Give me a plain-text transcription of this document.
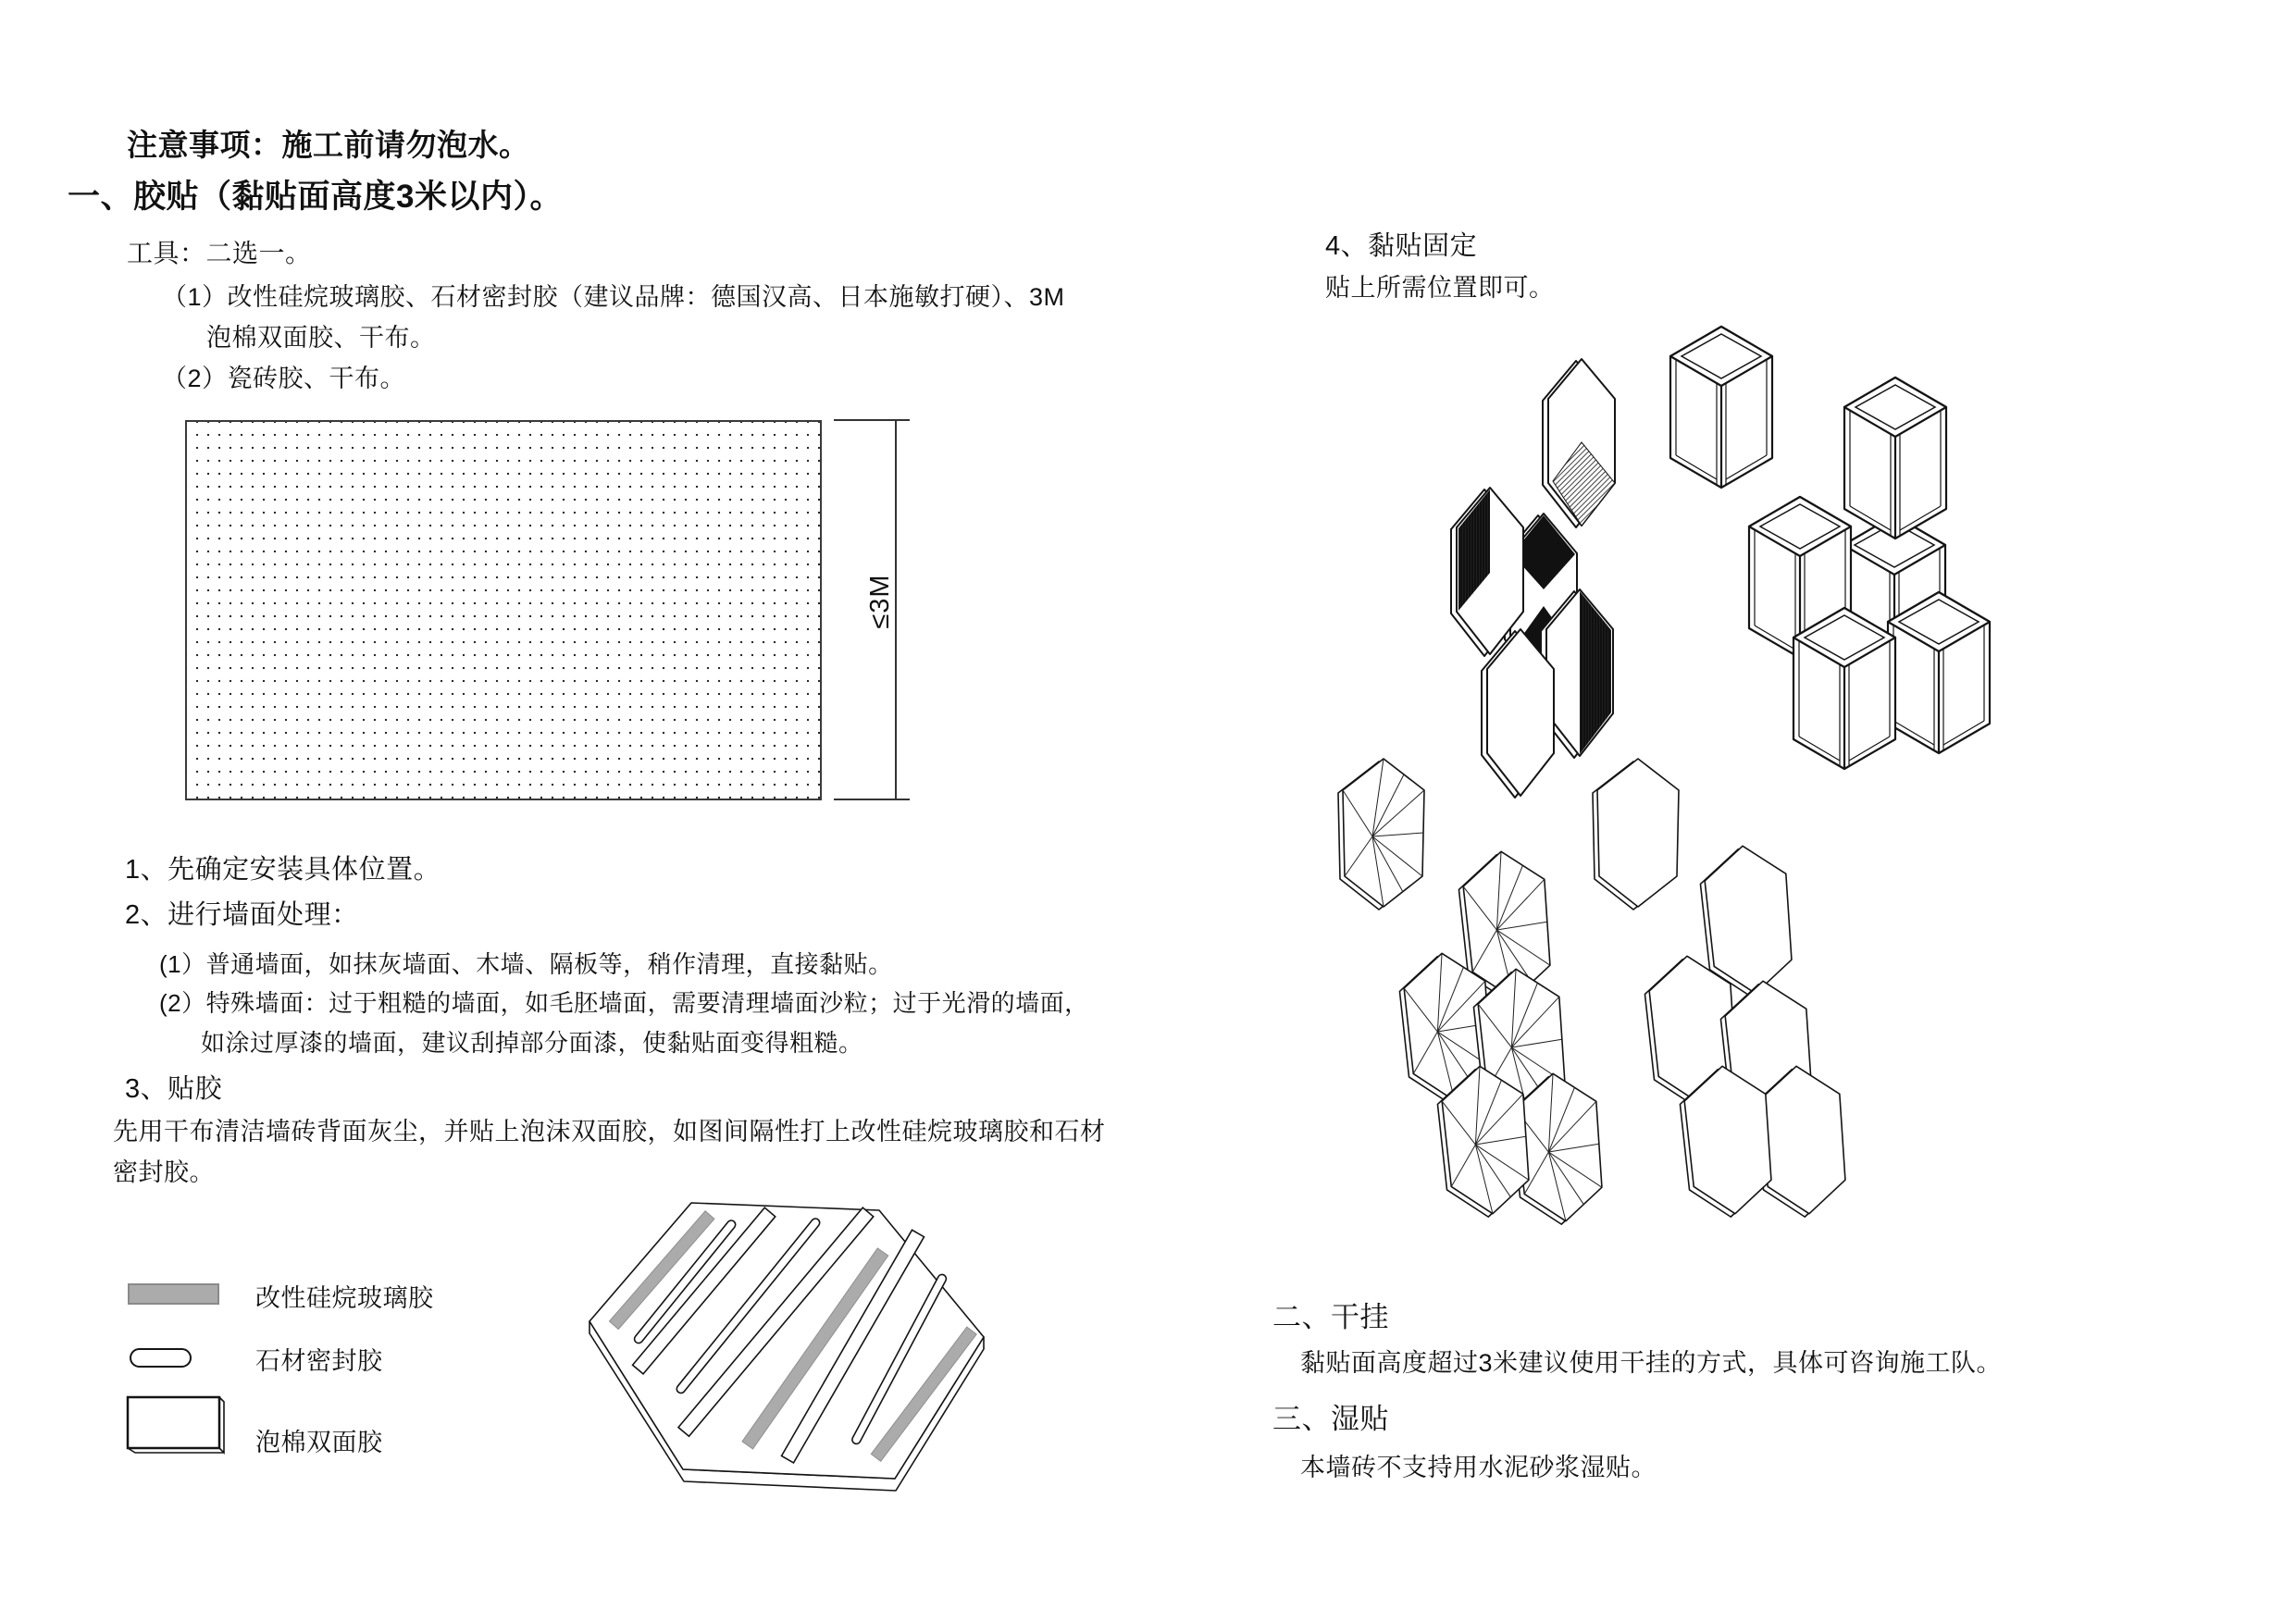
注意事项：施工前请勿泡水。
一、胶贴（黏贴面高度3米以内）。
工具：二选一。
（1）改性硅烷玻璃胶、石材密封胶（建议品牌：德国汉高、日本施敏打硬）、3M
泡棉双面胶、干布。
（2）瓷砖胶、干布。
≤3M
1、先确定安装具体位置。
2、进行墙面处理：
(1）普通墙面，如抹灰墙面、木墙、隔板等，稍作清理，直接黏贴。
(2）特殊墙面：过于粗糙的墙面，如毛胚墙面，需要清理墙面沙粒；过于光滑的墙面，
如涂过厚漆的墙面，建议刮掉部分面漆，使黏贴面变得粗糙。
3、贴胶
先用干布清洁墙砖背面灰尘，并贴上泡沫双面胶，如图间隔性打上改性硅烷玻璃胶和石材
密封胶。
改性硅烷玻璃胶
石材密封胶
泡棉双面胶
4、黏贴固定
贴上所需位置即可。
二、干挂
黏贴面高度超过3米建议使用干挂的方式，具体可咨询施工队。
三、湿贴
本墙砖不支持用水泥砂浆湿贴。
